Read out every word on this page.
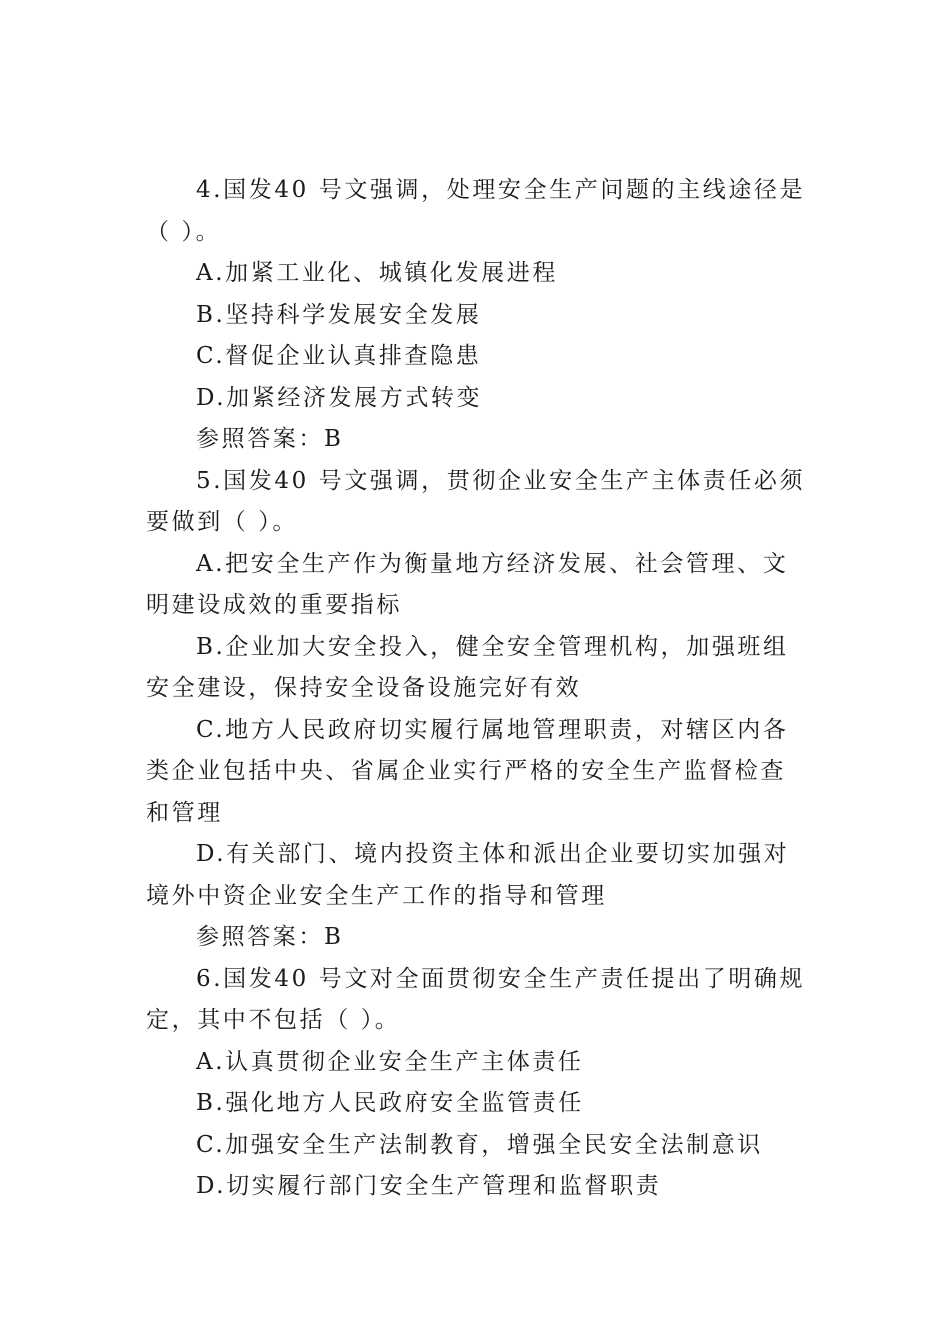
4.国发40 号文强调，处理安全生产问题的主线途径是（ ）。

A.加紧工业化、城镇化发展进程

B.坚持科学发展安全发展

C.督促企业认真排查隐患

D.加紧经济发展方式转变

参照答案：B

5.国发40 号文强调，贯彻企业安全生产主体责任必须要做到（ ）。

A.把安全生产作为衡量地方经济发展、社会管理、文明建设成效的重要指标

B.企业加大安全投入，健全安全管理机构，加强班组安全建设，保持安全设备设施完好有效

C.地方人民政府切实履行属地管理职责，对辖区内各类企业包括中央、省属企业实行严格的安全生产监督检查和管理

D.有关部门、境内投资主体和派出企业要切实加强对境外中资企业安全生产工作的指导和管理

参照答案：B

6.国发40 号文对全面贯彻安全生产责任提出了明确规定，其中不包括（ ）。

A.认真贯彻企业安全生产主体责任

B.强化地方人民政府安全监管责任

C.加强安全生产法制教育，增强全民安全法制意识

D.切实履行部门安全生产管理和监督职责
